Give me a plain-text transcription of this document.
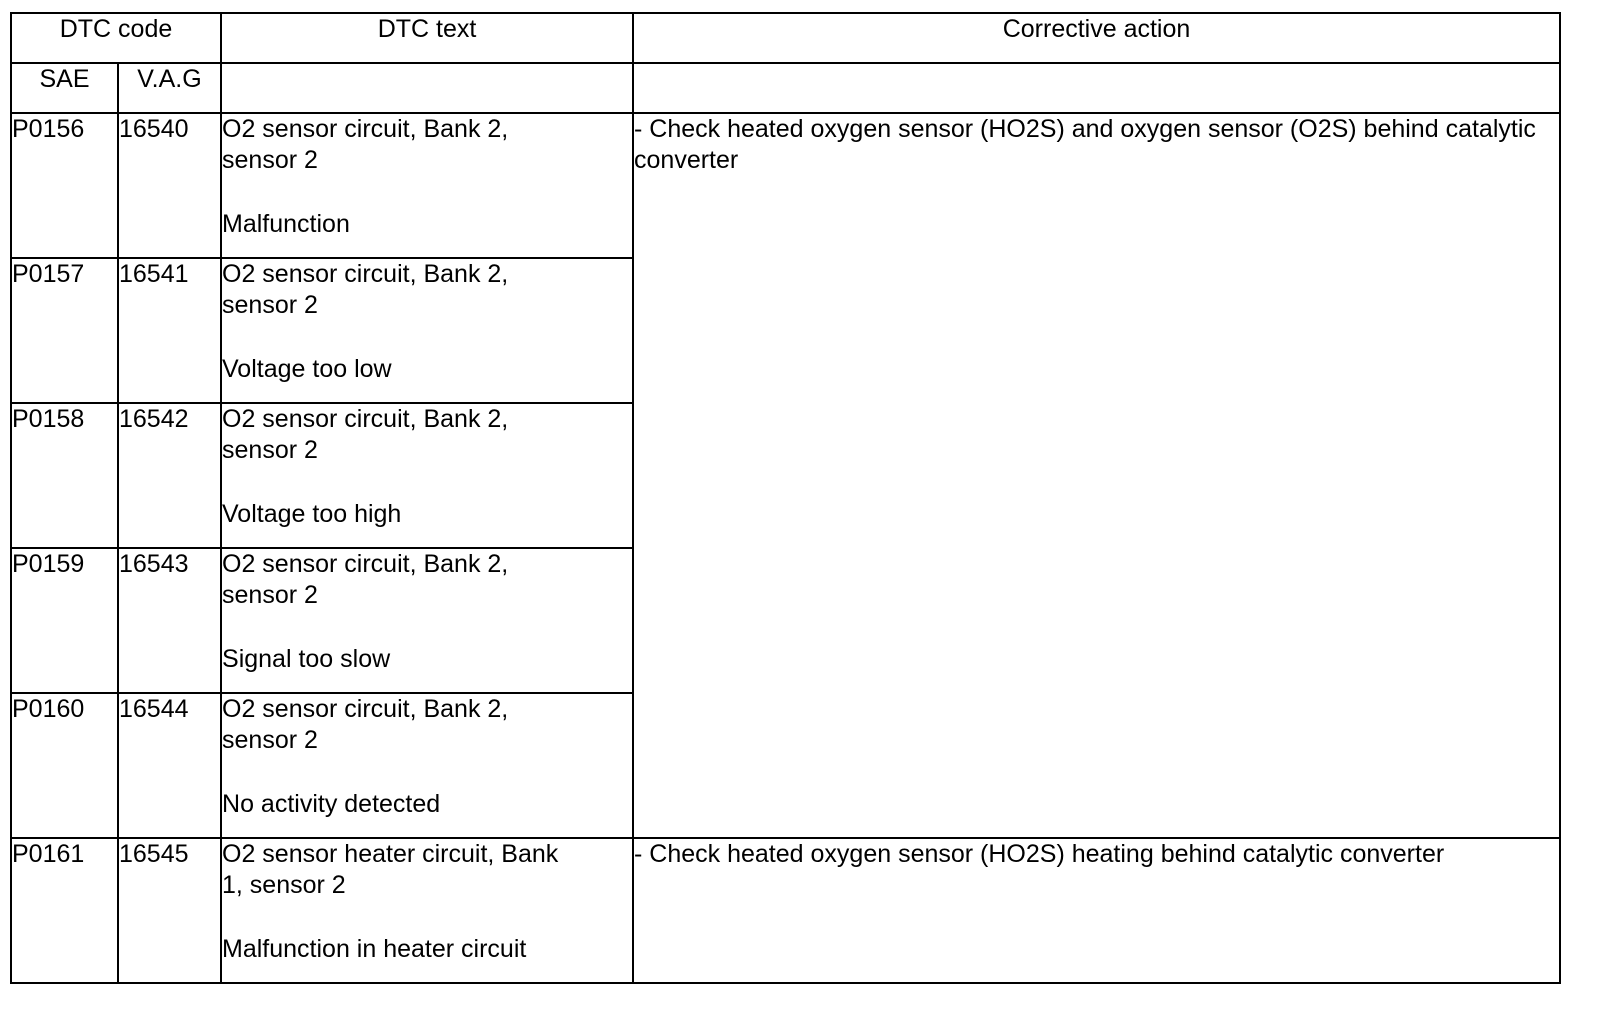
DTC code		DTC text	Corrective action
SAE	V.A.G		
P0156	16540	O2 sensor circuit, Bank 2,
sensor 2
Malfunction	- Check heated oxygen sensor (HO2S) and oxygen sensor (O2S) behind catalytic converter
P0157	16541	O2 sensor circuit, Bank 2,
sensor 2
Voltage too low	

P0158	16542	O2 sensor circuit, Bank 2,
sensor 2
Voltage too high	

P0159	16543	O2 sensor circuit, Bank 2,
sensor 2
Signal too slow	

P0160	16544	O2 sensor circuit, Bank 2,
sensor 2
No activity detected	

P0161	16545	O2 sensor heater circuit, Bank
1, sensor 2
Malfunction in heater circuit	- Check heated oxygen sensor (HO2S) heating behind catalytic converter
